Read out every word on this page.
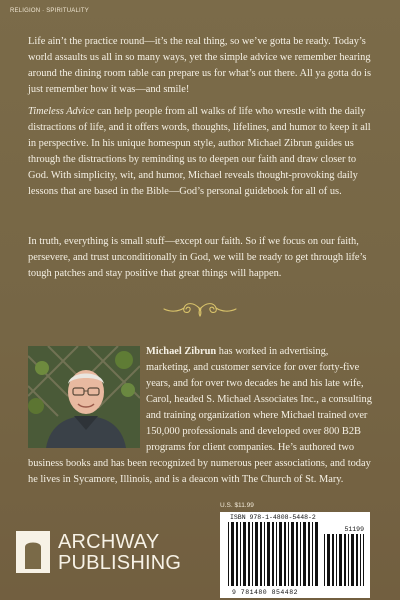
RELIGION · SPIRITUALITY

Life ain’t the practice round—it’s the real thing, so we’ve gotta be ready. Today’s world assaults us all in so many ways, yet the simple advice we remember hearing around the dining room table can prepare us for what’s out there. All ya gotta do is just remember how it was—and smile!

Timeless Advice can help people from all walks of life who wrestle with the daily distractions of life, and it offers words, thoughts, lifelines, and humor to keep it all in perspective. In his unique homespun style, author Michael Zibrun guides us through the distractions by reminding us to deepen our faith and draw closer to God. With simplicity, wit, and humor, Michael reveals thought-provoking daily lessons that are based in the Bible—God’s personal guidebook for all of us.

In truth, everything is small stuff—except our faith. So if we focus on our faith, persevere, and trust unconditionally in God, we will be ready to get through life’s tough patches and stay positive that great things will happen.

Michael Zibrun has worked in advertising, marketing, and customer service for over forty-five years, and for over two decades he and his late wife, Carol, headed S. Michael Associates Inc., a consulting and training organization where Michael trained over 150,000 professionals and developed over 800 B2B programs for client companies. He’s authored two business books and has been recognized by numerous peer associations, and today he lives in Sycamore, Illinois, and is a deacon with The Church of St. Mary.

ARCHWAY
PUBLISHING
U.S. $11.99
ISBN 978-1-4808-5448-2
51199
9 781480 854482
